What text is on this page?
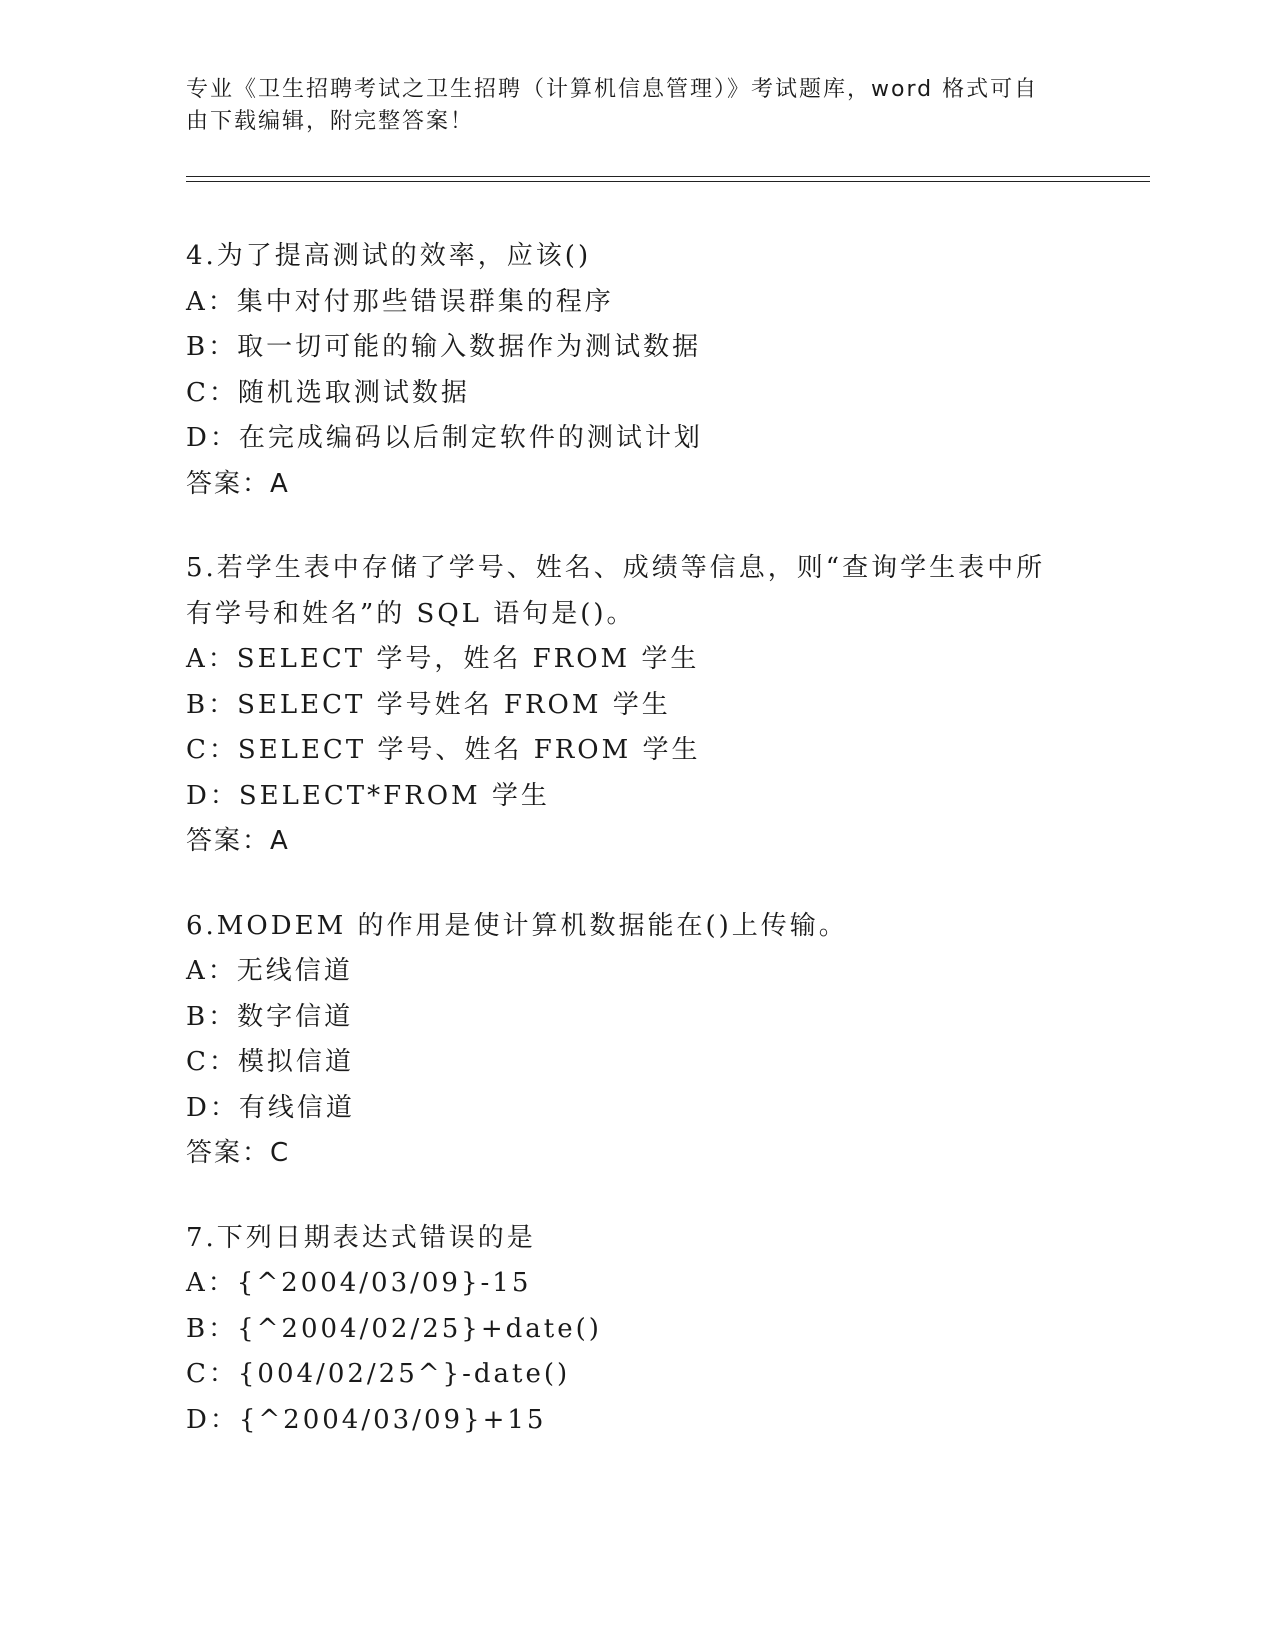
专业《卫生招聘考试之卫生招聘（计算机信息管理）》考试题库，word 格式可自
由下载编辑，附完整答案！
4.为了提高测试的效率，应该()
A：集中对付那些错误群集的程序
B：取一切可能的输入数据作为测试数据
C：随机选取测试数据
D：在完成编码以后制定软件的测试计划
答案：A
5.若学生表中存储了学号、姓名、成绩等信息，则“查询学生表中所
有学号和姓名”的 SQL 语句是()。
A：SELECT 学号，姓名 FROM 学生
B：SELECT 学号姓名 FROM 学生
C：SELECT 学号、姓名 FROM 学生
D：SELECT*FROM 学生
答案：A
6.MODEM 的作用是使计算机数据能在()上传输。
A：无线信道
B：数字信道
C：模拟信道
D：有线信道
答案：C
7.下列日期表达式错误的是
A：{^2004/03/09}-15
B：{^2004/02/25}+date()
C：{004/02/25^}-date()
D：{^2004/03/09}+15
